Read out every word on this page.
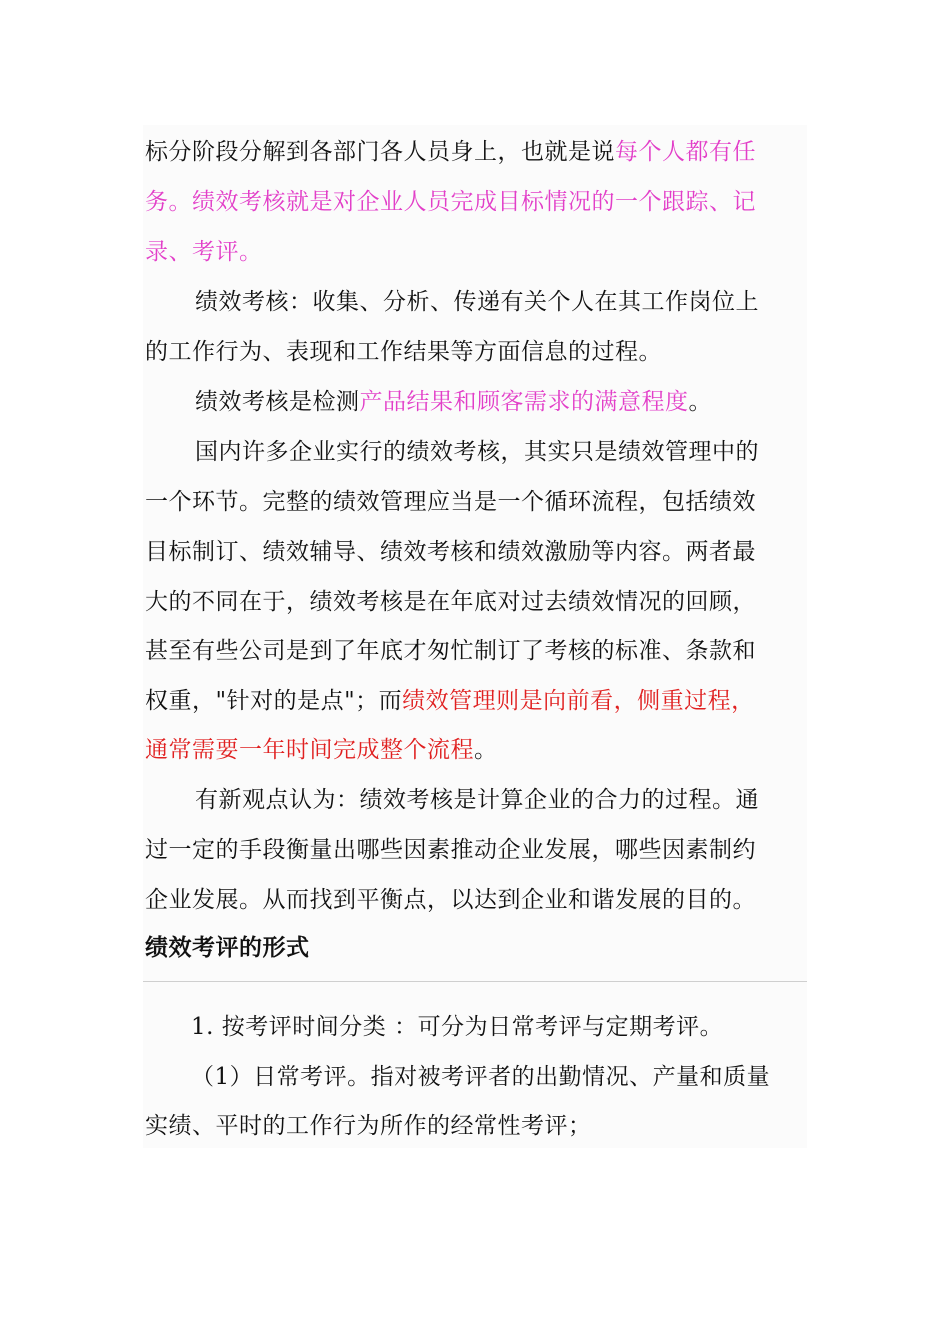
标分阶段分解到各部门各人员身上，也就是说每个人都有任
务。绩效考核就是对企业人员完成目标情况的一个跟踪、记
录、考评。
绩效考核：收集、分析、传递有关个人在其工作岗位上
的工作行为、表现和工作结果等方面信息的过程。
绩效考核是检测产品结果和顾客需求的满意程度。
国内许多企业实行的绩效考核，其实只是绩效管理中的
一个环节。完整的绩效管理应当是一个循环流程，包括绩效
目标制订、绩效辅导、绩效考核和绩效激励等内容。两者最
大的不同在于，绩效考核是在年底对过去绩效情况的回顾，
甚至有些公司是到了年底才匆忙制订了考核的标准、条款和
权重，"针对的是点"；而绩效管理则是向前看，侧重过程，
通常需要一年时间完成整个流程。
有新观点认为：绩效考核是计算企业的合力的过程。通
过一定的手段衡量出哪些因素推动企业发展，哪些因素制约
企业发展。从而找到平衡点，以达到企业和谐发展的目的。
绩效考评的形式
1. 按考评时间分类 ：可分为日常考评与定期考评。
（1）日常考评。指对被考评者的出勤情况、产量和质量
实绩、平时的工作行为所作的经常性考评；
